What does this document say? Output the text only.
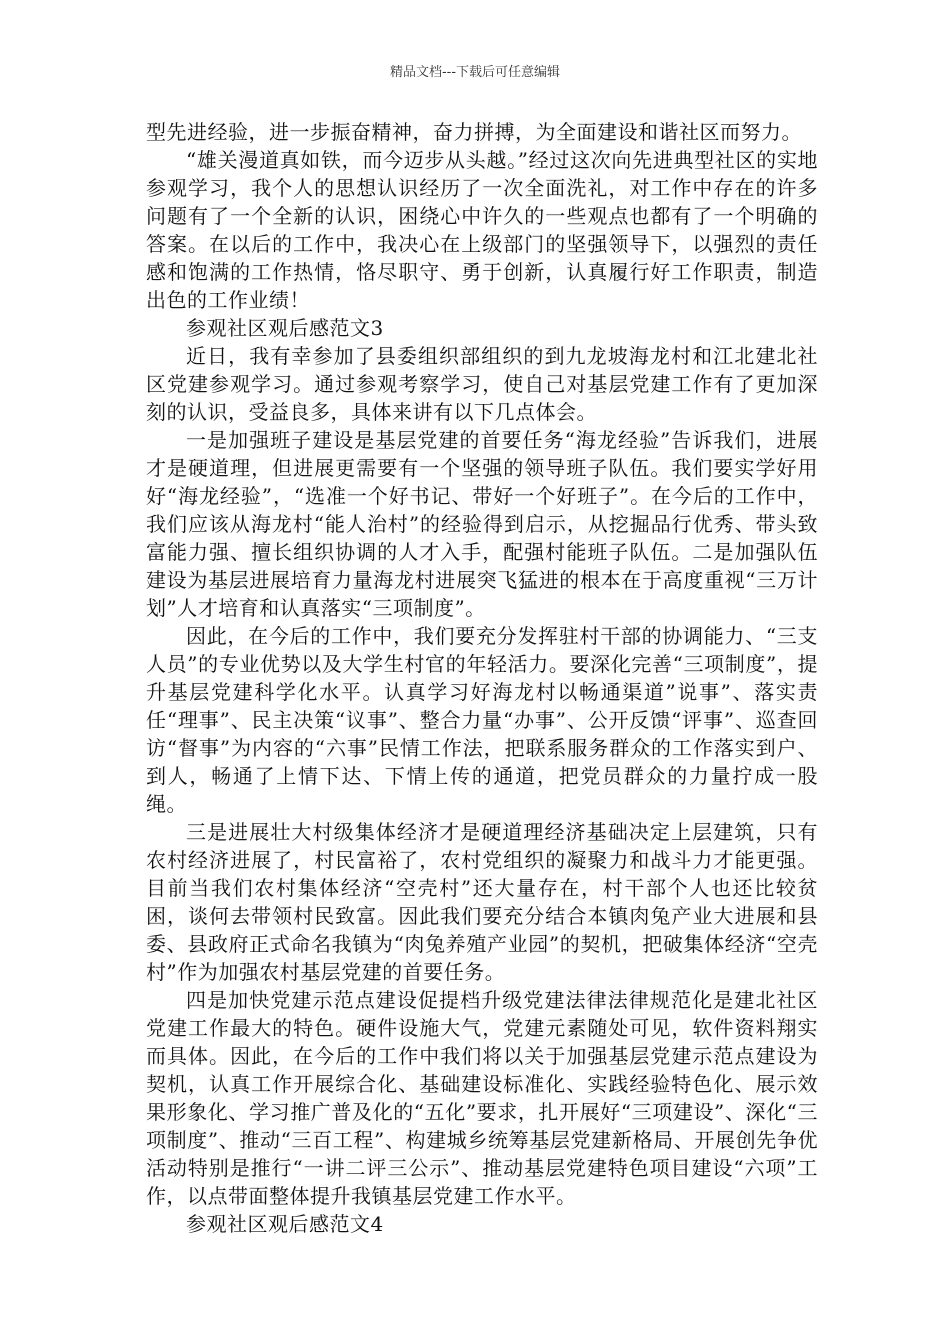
精品文档---下载后可任意编辑

型先进经验，进一步振奋精神，奋力拼搏，为全面建设和谐社区而努力。

“雄关漫道真如铁，而今迈步从头越。”经过这次向先进典型社区的实地参观学习，我个人的思想认识经历了一次全面洗礼，对工作中存在的许多问题有了一个全新的认识，困绕心中许久的一些观点也都有了一个明确的答案。在以后的工作中，我决心在上级部门的坚强领导下，以强烈的责任感和饱满的工作热情，恪尽职守、勇于创新，认真履行好工作职责，制造出色的工作业绩！

参观社区观后感范文3

近日，我有幸参加了县委组织部组织的到九龙坡海龙村和江北建北社区党建参观学习。通过参观考察学习，使自己对基层党建工作有了更加深刻的认识，受益良多，具体来讲有以下几点体会。

一是加强班子建设是基层党建的首要任务“海龙经验”告诉我们，进展才是硬道理，但进展更需要有一个坚强的领导班子队伍。我们要实学好用好“海龙经验”，“选准一个好书记、带好一个好班子”。在今后的工作中，我们应该从海龙村“能人治村”的经验得到启示，从挖掘品行优秀、带头致富能力强、擅长组织协调的人才入手，配强村能班子队伍。二是加强队伍建设为基层进展培育力量海龙村进展突飞猛进的根本在于高度重视“三万计划”人才培育和认真落实“三项制度”。

因此，在今后的工作中，我们要充分发挥驻村干部的协调能力、“三支人员”的专业优势以及大学生村官的年轻活力。要深化完善“三项制度”，提升基层党建科学化水平。认真学习好海龙村以畅通渠道”说事”、落实责任“理事”、民主决策“议事”、整合力量“办事”、公开反馈“评事”、巡查回访“督事”为内容的“六事”民情工作法，把联系服务群众的工作落实到户、到人，畅通了上情下达、下情上传的通道，把党员群众的力量拧成一股绳。

三是进展壮大村级集体经济才是硬道理经济基础决定上层建筑，只有农村经济进展了，村民富裕了，农村党组织的凝聚力和战斗力才能更强。目前当我们农村集体经济“空壳村”还大量存在，村干部个人也还比较贫困，谈何去带领村民致富。因此我们要充分结合本镇肉兔产业大进展和县委、县政府正式命名我镇为“肉兔养殖产业园”的契机，把破集体经济“空壳村”作为加强农村基层党建的首要任务。

四是加快党建示范点建设促提档升级党建法律法律规范化是建北社区党建工作最大的特色。硬件设施大气，党建元素随处可见，软件资料翔实而具体。因此，在今后的工作中我们将以关于加强基层党建示范点建设为契机，认真工作开展综合化、基础建设标准化、实践经验特色化、展示效果形象化、学习推广普及化的“五化”要求，扎开展好“三项建设”、深化“三项制度”、推动“三百工程”、构建城乡统筹基层党建新格局、开展创先争优活动特别是推行“一讲二评三公示”、推动基层党建特色项目建设“六项”工作，以点带面整体提升我镇基层党建工作水平。

参观社区观后感范文4
